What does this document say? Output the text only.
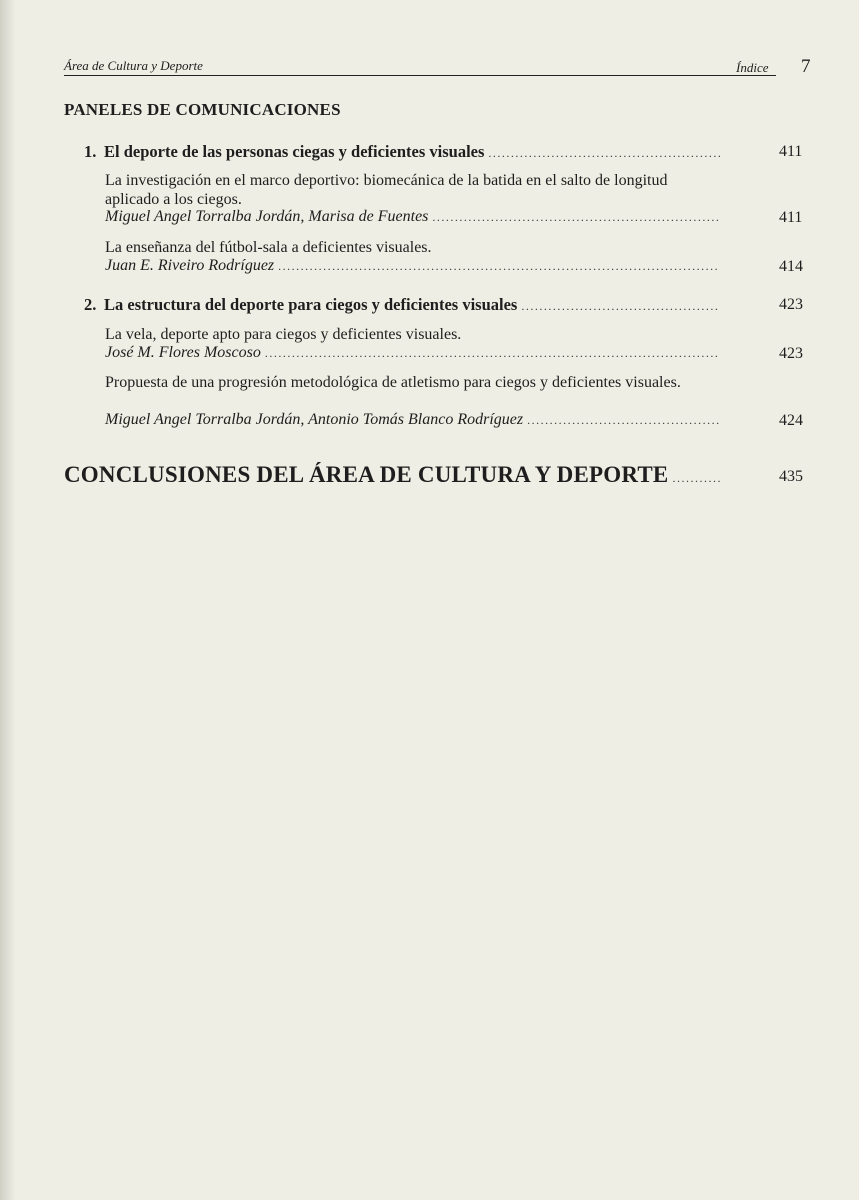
Área de Cultura y Deporte	Índice 7
PANELES DE COMUNICACIONES
1. El deporte de las personas ciegas y deficientes visuales .....	411
La investigación en el marco deportivo: biomecánica de la batida en el salto de longitud aplicado a los ciegos.
Miguel Angel Torralba Jordán, Marisa de Fuentes .....	411
La enseñanza del fútbol-sala a deficientes visuales.
Juan E. Riveiro Rodríguez .....	414
2. La estructura del deporte para ciegos y deficientes visuales .....	423
La vela, deporte apto para ciegos y deficientes visuales.
José M. Flores Moscoso .....	423
Propuesta de una progresión metodológica de atletismo para ciegos y deficientes visuales.
Miguel Angel Torralba Jordán, Antonio Tomás Blanco Rodríguez .....	424
CONCLUSIONES DEL ÁREA DE CULTURA Y DEPORTE .....	435
